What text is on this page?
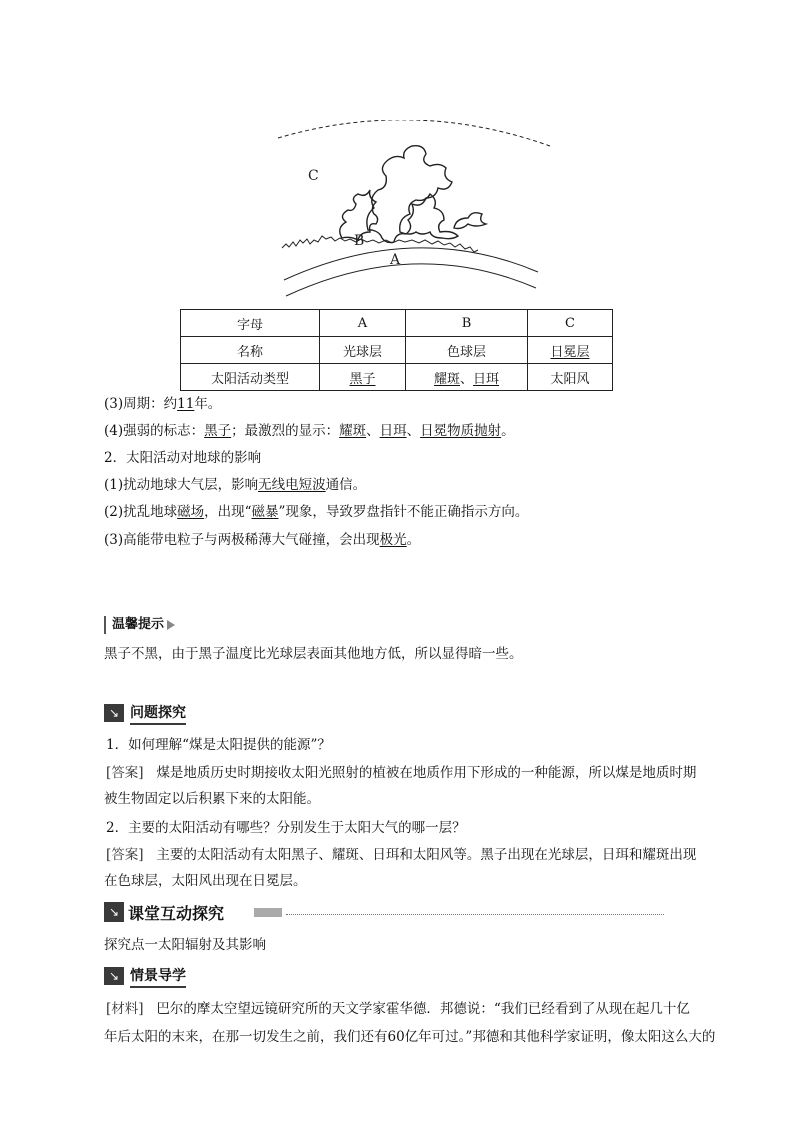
C
B
A
字母	A	B	C
名称	光球层	色球层	日冕层
太阳活动类型	黑子	耀斑、日珥	太阳风
(3)周期：约11年。
(4)强弱的标志：黑子；最激烈的显示：耀斑、日珥、日冕物质抛射。
2．太阳活动对地球的影响
(1)扰动地球大气层，影响无线电短波通信。
(2)扰乱地球磁场，出现“磁暴”现象，导致罗盘指针不能正确指示方向。
(3)高能带电粒子与两极稀薄大气碰撞，会出现极光。
温馨提示
黑子不黑，由于黑子温度比光球层表面其他地方低，所以显得暗一些。
↘ 问题探究
1．如何理解“煤是太阳提供的能源”？
[答案] 煤是地质历史时期接收太阳光照射的植被在地质作用下形成的一种能源，所以煤是地质时期
被生物固定以后积累下来的太阳能。
2．主要的太阳活动有哪些？分别发生于太阳大气的哪一层？
[答案] 主要的太阳活动有太阳黑子、耀斑、日珥和太阳风等。黑子出现在光球层，日珥和耀斑出现
在色球层，太阳风出现在日冕层。
↘ 课堂互动探究
探究点一太阳辐射及其影响
↘ 情景导学
[材料] 巴尔的摩太空望远镜研究所的天文学家霍华德．邦德说：“我们已经看到了从现在起几十亿
年后太阳的末来，在那一切发生之前，我们还有60亿年可过。”邦德和其他科学家证明，像太阳这么大的
